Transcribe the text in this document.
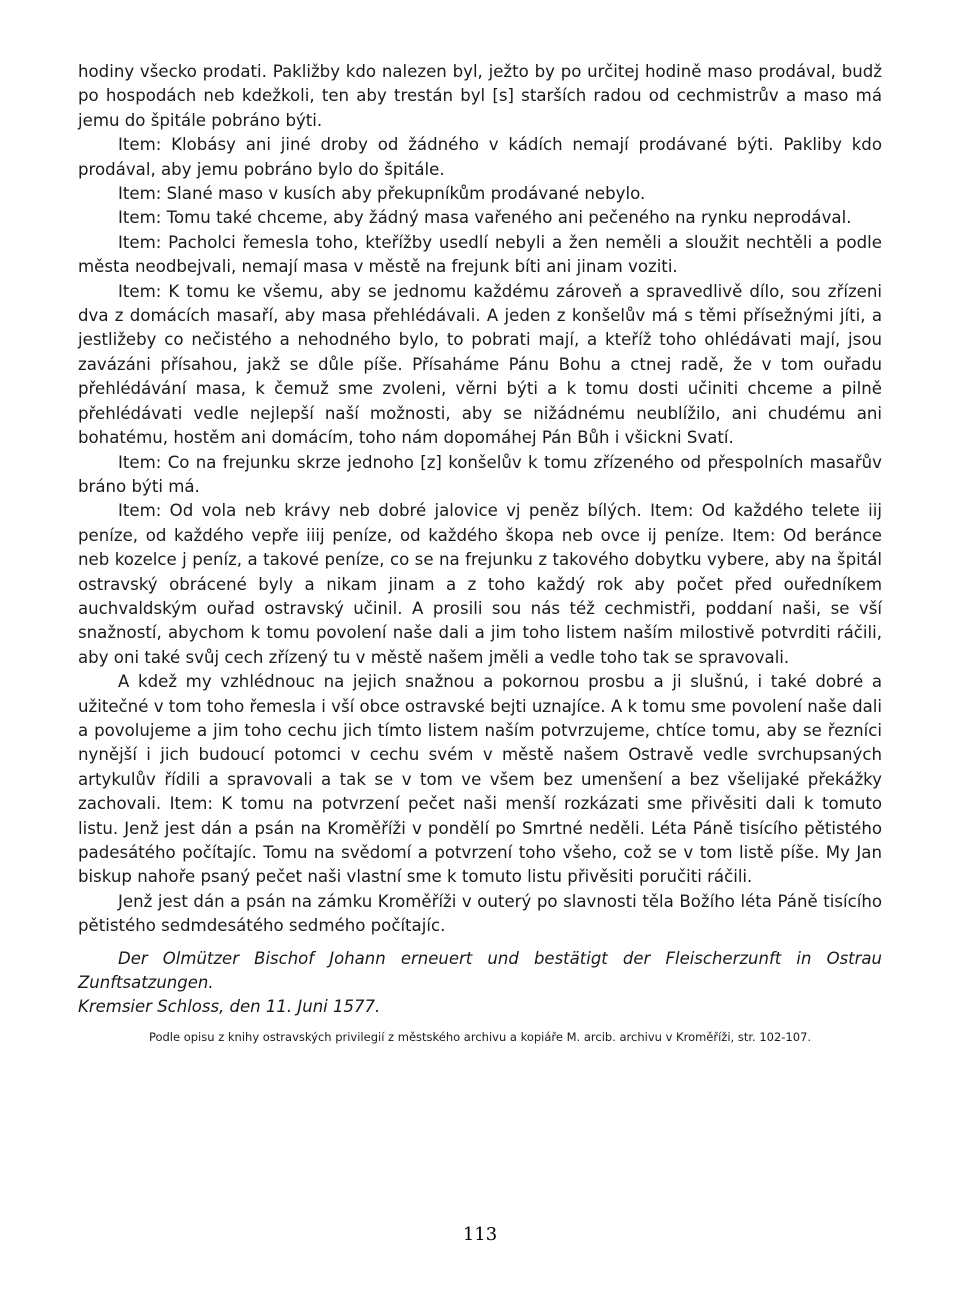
hodiny všecko prodati. Pakližby kdo nalezen byl, ježto by po určitej hodině maso prodával, budž po hospodách neb kdežkoli, ten aby trestán byl [s] starších radou od cechmistrův a maso má jemu do špitále pobráno býti.

Item: Klobásy ani jiné droby od žádného v kádích nemají prodávané býti. Pakliby kdo prodával, aby jemu pobráno bylo do špitále.

Item: Slané maso v kusích aby překupníkům prodávané nebylo.

Item: Tomu také chceme, aby žádný masa vařeného ani pečeného na rynku neprodával.

Item: Pacholci řemesla toho, kteřížby usedlí nebyli a žen neměli a sloužit nechtěli a podle města neodbejvali, nemají masa v městě na frejunk bíti ani jinam voziti.

Item: K tomu ke všemu, aby se jednomu každému zároveň a spravedlivě dílo, sou zřízeni dva z domácích masaří, aby masa přehlédávali. A jeden z konšelův má s těmi přísežnými jíti, a jestližeby co nečistého a nehodného bylo, to pobrati mají, a kteříž toho ohlédávati mají, jsou zavázáni přísahou, jakž se důle píše. Přísaháme Pánu Bohu a ctnej radě, že v tom ouřadu přehlédávání masa, k čemuž sme zvoleni, věrni býti a k tomu dosti učiniti chceme a pilně přehlédávati vedle nejlepší naší možnosti, aby se nižádnému neublížilo, ani chudému ani bohatému, hostěm ani domácím, toho nám dopomáhej Pán Bůh i všickni Svatí.

Item: Co na frejunku skrze jednoho [z] konšelův k tomu zřízeného od přespolních masařův bráno býti má.

Item: Od vola neb krávy neb dobré jalovice vj peněz bílých. Item: Od každého telete iij peníze, od každého vepře iiij peníze, od každého škopa neb ovce ij peníze. Item: Od beránce neb kozelce j peníz, a takové peníze, co se na frejunku z takového dobytku vybere, aby na špitál ostravský obrácené byly a nikam jinam a z toho každý rok aby počet před ouředníkem auchvaldským ouřad ostravský učinil. A prosili sou nás též cechmistři, poddaní naši, se vší snažností, abychom k tomu povolení naše dali a jim toho listem naším milostivě potvrditi ráčili, aby oni také svůj cech zřízený tu v městě našem jměli a vedle toho tak se spravovali.

A kdež my vzhlédnouc na jejich snažnou a pokornou prosbu a ji slušnú, i také dobré a užitečné v tom toho řemesla i vší obce ostravské bejti uznajíce. A k tomu sme povolení naše dali a povolujeme a jim toho cechu jich tímto listem naším potvrzujeme, chtíce tomu, aby se řezníci nynější i jich budoucí potomci v cechu svém v městě našem Ostravě vedle svrchupsaných artykulův řídili a spravovali a tak se v tom ve všem bez umenšení a bez všelijaké překážky zachovali. Item: K tomu na potvrzení pečet naši menší rozkázati sme přivěsiti dali k tomuto listu. Jenž jest dán a psán na Kroměříži v pondělí po Smrtné neděli. Léta Páně tisícího pětistého padesátého počítajíc. Tomu na svědomí a potvrzení toho všeho, což se v tom listě píše. My Jan biskup nahoře psaný pečet naši vlastní sme k tomuto listu přivěsiti poručiti ráčili.

Jenž jest dán a psán na zámku Kroměříži v outerý po slavnosti těla Božího léta Páně tisícího pětistého sedmdesátého sedmého počítajíc.

Der Olmützer Bischof Johann erneuert und bestätigt der Fleischerzunft in Ostrau Zunftsatzungen.
Kremsier Schloss, den 11. Juni 1577.

Podle opisu z knihy ostravských privilegií z městského archivu a kopiáře M. arcib. archivu v Kroměříži, str. 102-107.

113
